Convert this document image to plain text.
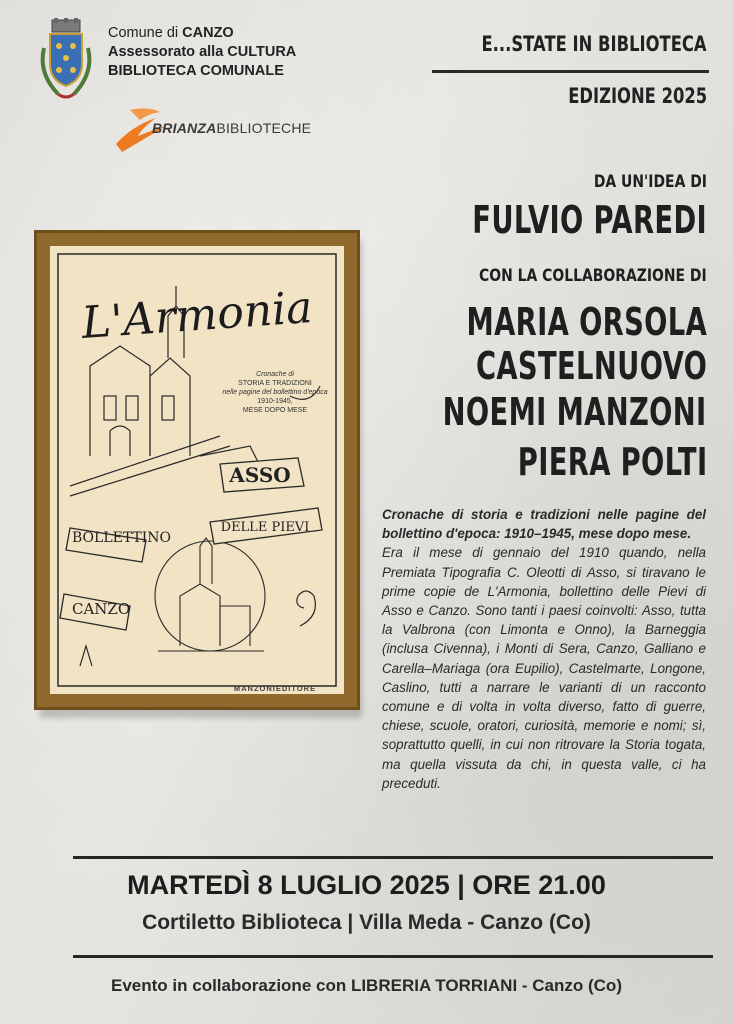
Comune di CANZO
Assessorato alla CULTURA
BIBLIOTECA COMUNALE
BRIANZABIBLIOTECHE
E...STATE IN BIBLIOTECA
EDIZIONE 2025
DA UN'IDEA DI
FULVIO PAREDI
CON LA COLLABORAZIONE DI
MARIA ORSOLA
CASTELNUOVO
NOEMI MANZONI
PIERA POLTI
L'Armonia
Cronache di
STORIA E TRADIZIONI
nelle pagine del bollettino d'epoca
1910-1945,
MESE DOPO MESE
ASSO
DELLE PIEVI
BOLLETTINO
CANZO
MANZONIEDITORE
Cronache di storia e tradizioni nelle pagine del bollettino d'epoca: 1910–1945, mese dopo mese.
Era il mese di gennaio del 1910 quando, nella Premiata Tipografia C. Oleotti di Asso, si tiravano le prime copie de L'Armonia, bollettino delle Pievi di Asso e Canzo. Sono tanti i paesi coinvolti: Asso, tutta la Valbrona (con Limonta e Onno), la Barneggia (inclusa Civenna), i Monti di Sera, Canzo, Galliano e Carella–Mariaga (ora Eupilio), Castelmarte, Longone, Caslino, tutti a narrare le varianti di un racconto comune e di volta in volta diverso, fatto di guerre, chiese, scuole, oratori, curiosità, memorie e nomi; sì, soprattutto quelli, in cui non ritrovare la Storia togata, ma quella vissuta da chi, in questa valle, ci ha preceduti.
MARTEDÌ 8 LUGLIO 2025 | ORE 21.00
Cortiletto Biblioteca | Villa Meda - Canzo (Co)
Evento in collaborazione con LIBRERIA TORRIANI - Canzo (Co)
